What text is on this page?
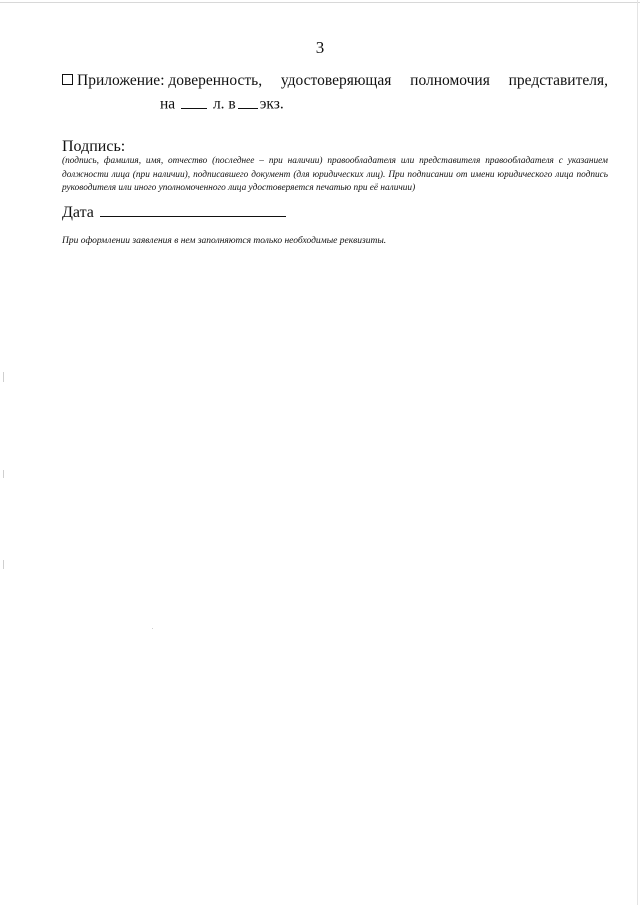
3
Приложение: доверенность, удостоверяющая полномочия представителя,
на л. в экз.
Подпись:
(подпись, фамилия, имя, отчество (последнее – при наличии) правообладателя или представителя правообладателя с указанием должности лица (при наличии), подписавшего документ (для юридических лиц). При подписании от имени юридического лица подпись руководителя или иного уполномоченного лица удостоверяется печатью при её наличии)
Дата
При оформлении заявления в нем заполняются только необходимые реквизиты.
